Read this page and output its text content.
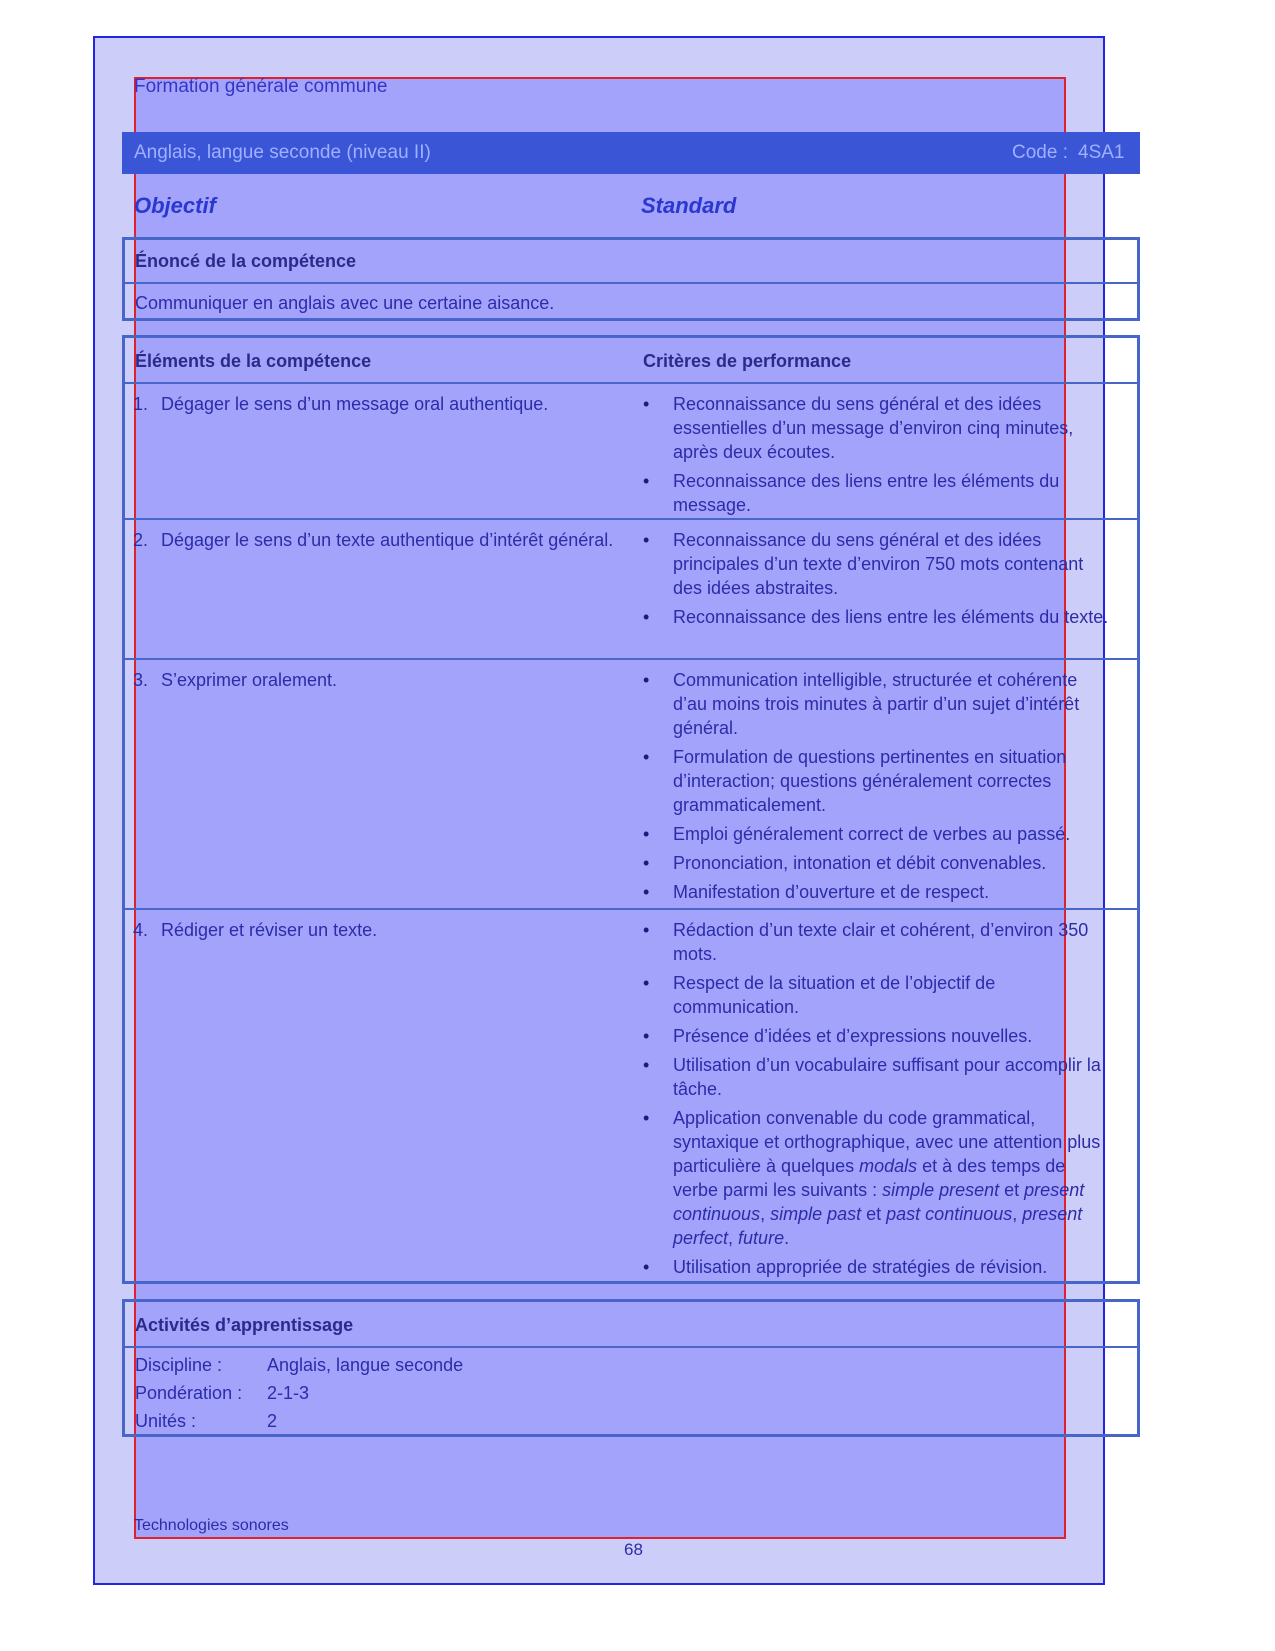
Formation générale commune
Anglais, langue seconde (niveau II)	Code : 4SA1
Objectif	Standard
Énoncé de la compétence
Communiquer en anglais avec une certaine aisance.
Éléments de la compétence	Critères de performance
1. Dégager le sens d’un message oral authentique.	• Reconnaissance du sens général et des idées essentielles d’un message d’environ cinq minutes, après deux écoutes.
• Reconnaissance des liens entre les éléments du message.
2. Dégager le sens d’un texte authentique d’intérêt général.	• Reconnaissance du sens général et des idées principales d’un texte d’environ 750 mots contenant des idées abstraites.
• Reconnaissance des liens entre les éléments du texte.
3. S’exprimer oralement.	• Communication intelligible, structurée et cohérente d’au moins trois minutes à partir d’un sujet d’intérêt général.
• Formulation de questions pertinentes en situation d’interaction; questions généralement correctes grammaticalement.
• Emploi généralement correct de verbes au passé.
• Prononciation, intonation et débit convenables.
• Manifestation d’ouverture et de respect.
4. Rédiger et réviser un texte.	• Rédaction d’un texte clair et cohérent, d’environ 350 mots.
• Respect de la situation et de l’objectif de communication.
• Présence d’idées et d’expressions nouvelles.
• Utilisation d’un vocabulaire suffisant pour accomplir la tâche.
• Application convenable du code grammatical, syntaxique et orthographique, avec une attention plus particulière à quelques modals et à des temps de verbe parmi les suivants : simple present et present continuous, simple past et past continuous, present perfect, future.
• Utilisation appropriée de stratégies de révision.
Activités d’apprentissage
Discipline : Anglais, langue seconde
Pondération : 2-1-3
Unités :	2
Technologies sonores
68
